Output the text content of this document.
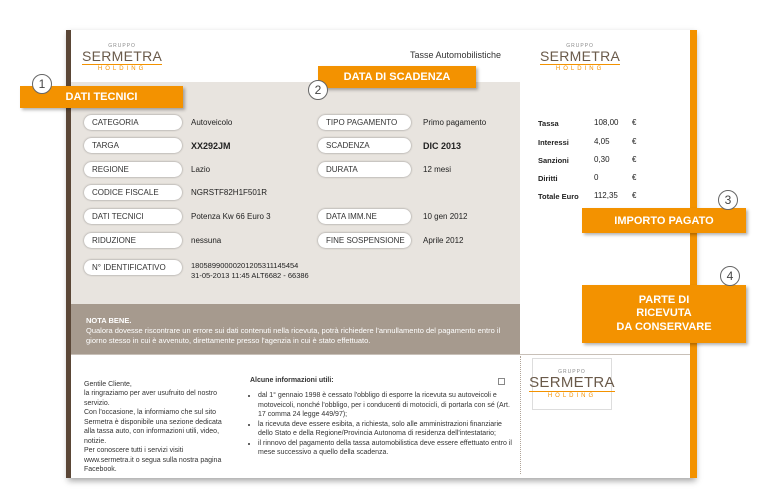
GRUPPO
SERMETRA
HOLDING
Tasse Automobilistiche
GRUPPO
SERMETRA
HOLDING
CATEGORIA	Autoveicolo
TARGA	XX292JM
REGIONE	Lazio
CODICE FISCALE	NGRSTF82H1F501R
DATI TECNICI	Potenza Kw 66 Euro 3
RIDUZIONE	nessuna
N° IDENTIFICATIVO	18058990000201205311145454
31-05-2013 11:45 ALT6682 - 66386
TIPO PAGAMENTO	Primo pagamento
SCADENZA	DIC 2013
DURATA	12 mesi
DATA IMM.NE	10 gen 2012
FINE SOSPENSIONE	Aprile 2012
Tassa	108,00 €
Interessi	4,05	€
Sanzioni	0,30	€
Diritti	0	€
Totale Euro 112,35 €
NOTA BENE.
Qualora dovesse riscontrare un errore sui dati contenuti nella ricevuta, potrà richiedere l'annullamento del pagamento entro il giorno stesso in cui è avvenuto, direttamente presso l'agenzia in cui è stato effettuato.

Gentile Cliente,

la ringraziamo per aver usufruito del nostro servizio.

Con l'occasione, la informiamo che sul sito Sermetra è disponibile una sezione dedicata alla tassa auto, con informazioni utili, video, notizie.

Per conoscere tutti i servizi visiti www.sermetra.it o segua sulla nostra pagina Facebook.

Alcune informazioni utili:
• dal 1° gennaio 1998 è cessato l'obbligo di esporre la ricevuta su autoveicoli e motoveicoli, nonché l'obbligo, per i conducenti di motocicli, di portarla con sé (Art. 17 comma 24 legge 449/97);
• la ricevuta deve essere esibita, a richiesta, solo alle amministrazioni finanziarie dello Stato e della Regione/Provincia Autonoma di residenza dell'intestatario;
• il rinnovo del pagamento della tassa automobilistica deve essere effettuato entro il mese successivo a quello della scadenza.
GRUPPO
SERMETRA
HOLDING
DATI TECNICI
1	DATA DI SCADENZA
2
IMPORTO PAGATO
3
PARTE DI
RICEVUTA
DA CONSERVARE
4
